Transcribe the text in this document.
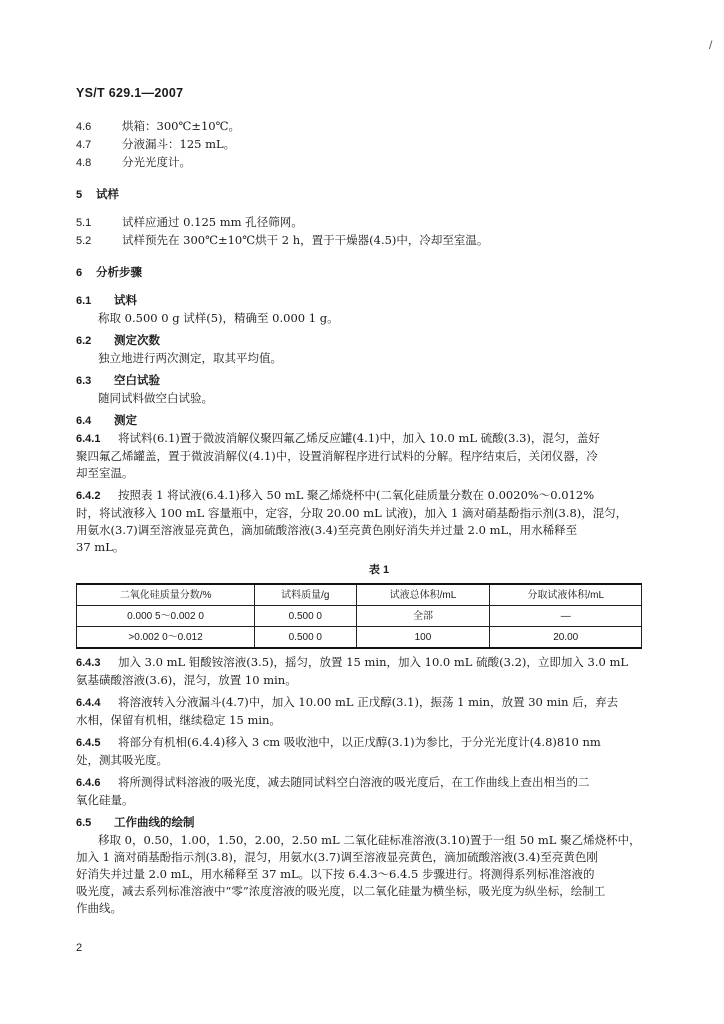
/
YS/T 629.1—2007

4.6	烘箱：300℃±10℃。

4.7	分液漏斗：125 mL。

4.8	分光光度计。

5 试样

5.1	试样应通过 0.125 mm 孔径筛网。

5.2	试样预先在 300℃±10℃烘干 2 h，置于干燥器(4.5)中，冷却至室温。

6 分析步骤

6.1 试料

称取 0.500 0 g 试样(5)，精确至 0.000 1 g。

6.2 测定次数

独立地进行两次测定，取其平均值。

6.3 空白试验

随同试料做空白试验。

6.4 测定

6.4.1 将试料(6.1)置于微波消解仪聚四氟乙烯反应罐(4.1)中，加入 10.0 mL 硫酸(3.3)，混匀，盖好

聚四氟乙烯罐盖，置于微波消解仪(4.1)中，设置消解程序进行试料的分解。程序结束后，关闭仪器，冷

却至室温。

6.4.2 按照表 1 将试液(6.4.1)移入 50 mL 聚乙烯烧杯中(二氧化硅质量分数在 0.0020%～0.012%

时，将试液移入 100 mL 容量瓶中，定容，分取 20.00 mL 试液)，加入 1 滴对硝基酚指示剂(3.8)，混匀，

用氨水(3.7)调至溶液显亮黄色，滴加硫酸溶液(3.4)至亮黄色刚好消失并过量 2.0 mL，用水稀释至

37 mL。

表 1
二氧化硅质量分数/%	试料质量/g	试液总体积/mL	分取试液体积/mL
0.000 5～0.002 0	0.500 0	全部	—
>0.002 0～0.012	0.500 0	100	20.00

6.4.3 加入 3.0 mL 钼酸铵溶液(3.5)，摇匀，放置 15 min，加入 10.0 mL 硫酸(3.2)，立即加入 3.0 mL

氨基磺酸溶液(3.6)，混匀，放置 10 min。

6.4.4 将溶液转入分液漏斗(4.7)中，加入 10.00 mL 正戊醇(3.1)，振荡 1 min，放置 30 min 后，弃去

水相，保留有机相，继续稳定 15 min。

6.4.5 将部分有机相(6.4.4)移入 3 cm 吸收池中，以正戊醇(3.1)为参比，于分光光度计(4.8)810 nm

处，测其吸光度。

6.4.6 将所测得试料溶液的吸光度，减去随同试料空白溶液的吸光度后，在工作曲线上查出相当的二

氧化硅量。

6.5 工作曲线的绘制

移取 0，0.50，1.00，1.50，2.00，2.50 mL 二氧化硅标准溶液(3.10)置于一组 50 mL 聚乙烯烧杯中，

加入 1 滴对硝基酚指示剂(3.8)，混匀，用氨水(3.7)调至溶液显亮黄色，滴加硫酸溶液(3.4)至亮黄色刚

好消失并过量 2.0 mL，用水稀释至 37 mL。以下按 6.4.3～6.4.5 步骤进行。将测得系列标准溶液的

吸光度，减去系列标准溶液中“零”浓度溶液的吸光度，以二氧化硅量为横坐标，吸光度为纵坐标，绘制工

作曲线。

2
